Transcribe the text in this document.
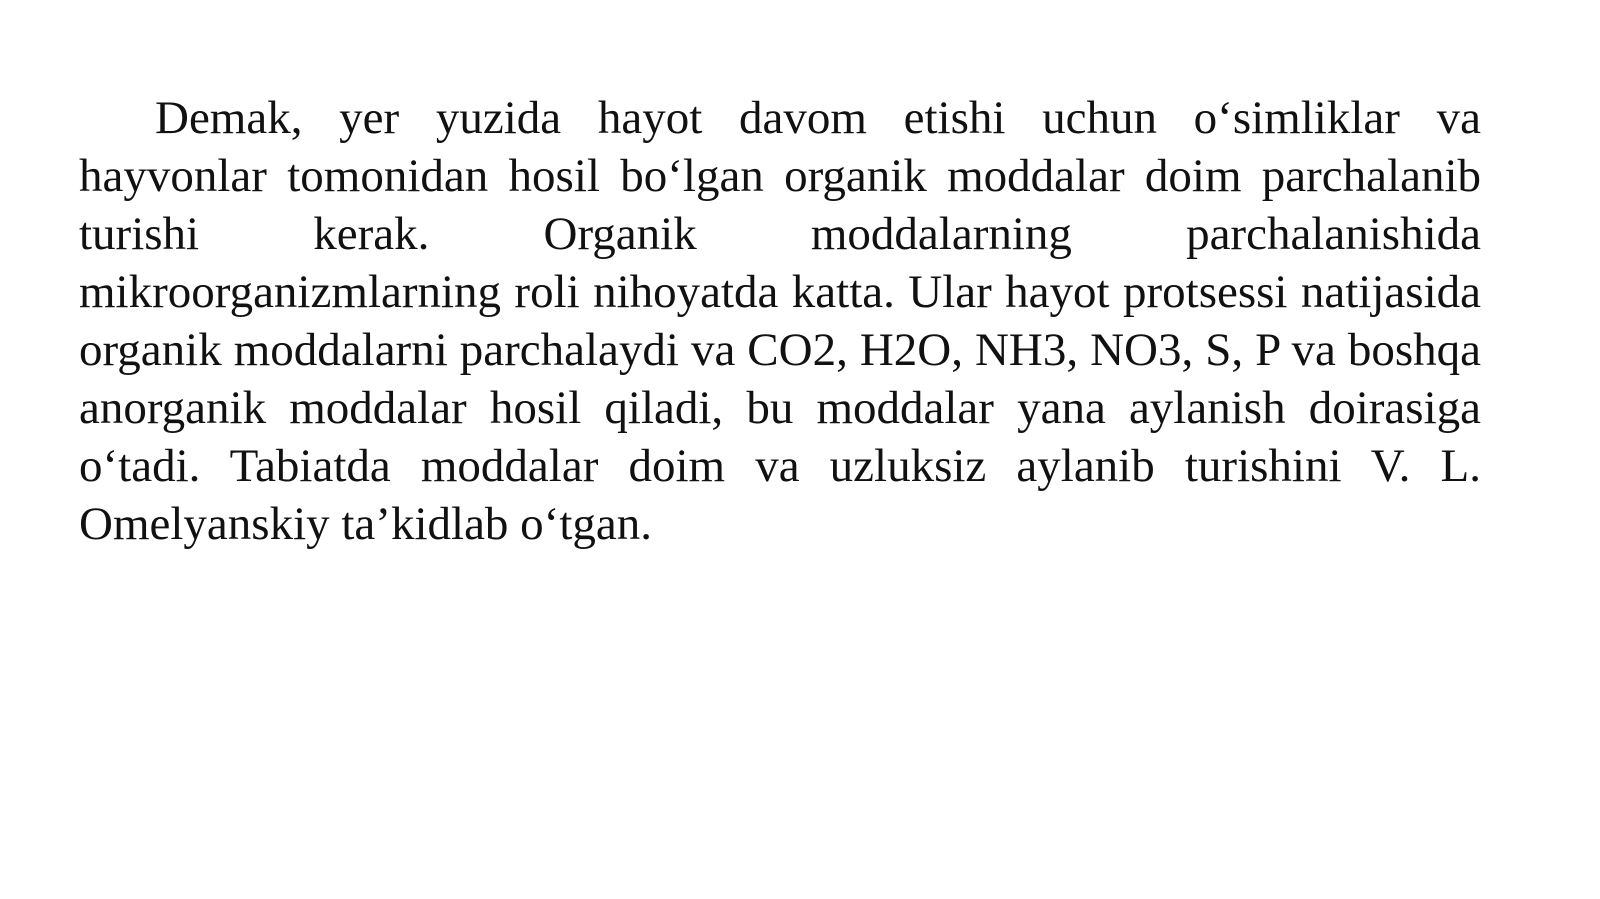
Demak, yer yuzida hayot davom etishi uchun o‘simliklar va hayvonlar tomonidan hosil bo‘lgan organik moddalar doim parchalanib turishi kerak. Organik moddalarning parchalanishida mikroorganizmlarning roli nihoyatda katta. Ular hayot protsessi natijasida organik moddalarni parchalaydi va CO2, H2O, NH3, NO3, S, P va boshqa anorganik moddalar hosil qiladi, bu moddalar yana aylanish doirasiga o‘tadi. Tabiatda moddalar doim va uzluksiz aylanib turishini V. L. Omelyanskiy ta’kidlab o‘tgan.
